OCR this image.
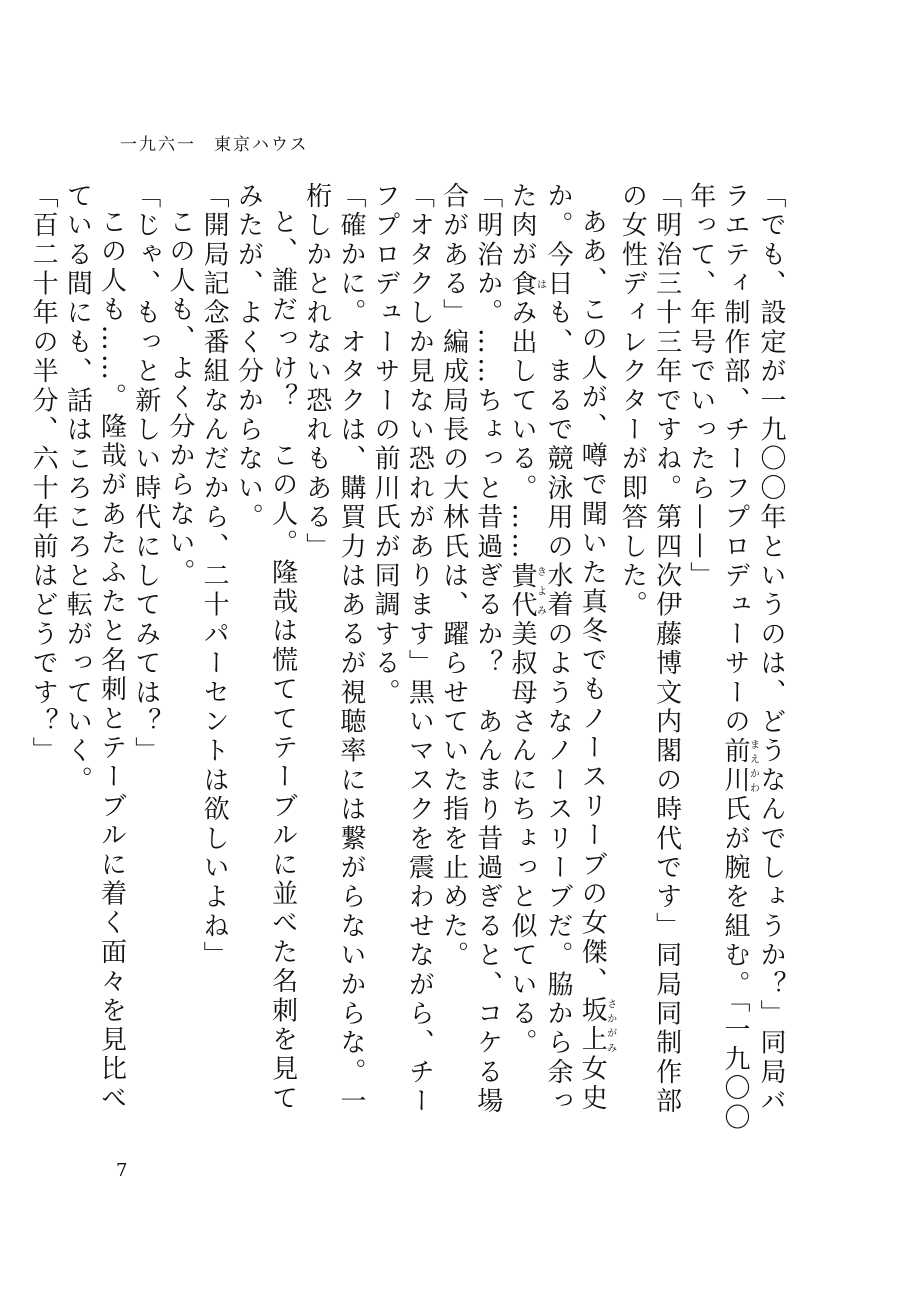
一九六一 東京ハウス

「でも、設定が一九〇〇年というのは、どうなんでしょうか？」同局バラエティ制作部、チーフプロデューサーの前川まえかわ氏が腕を組む。「一九〇〇年って、年号でいったら——」

「明治三十三年ですね。第四次伊藤博文内閣の時代です」同局同制作部の女性ディレクターが即答した。

ああ、この人が、噂で聞いた真冬でもノースリーブの女傑、坂上さかがみ女史か。今日も、まるで競泳用の水着のようなノースリーブだ。脇から余った肉が食はみ出している。……貴代きよみ美叔母さんにちょっと似ている。

「明治か。……ちょっと昔過ぎるか？　あんまり昔過ぎると、コケる場合がある」編成局長の大林氏は、躍らせていた指を止めた。

「オタクしか見ない恐れがあります」黒いマスクを震わせながら、チーフプロデューサーの前川氏が同調する。

「確かに。オタクは、購買力はあるが視聴率には繋がらないからな。一桁しかとれない恐れもある」

と、誰だっけ？　この人。隆哉は慌ててテーブルに並べた名刺を見てみたが、よく分からない。

「開局記念番組なんだから、二十パーセントは欲しいよね」

この人も、よく分からない。

「じゃ、もっと新しい時代にしてみては？」

この人も……。隆哉があたふたと名刺とテーブルに着く面々を見比べている間にも、話はころころと転がっていく。

「百二十年の半分、六十年前はどうです？」

7
